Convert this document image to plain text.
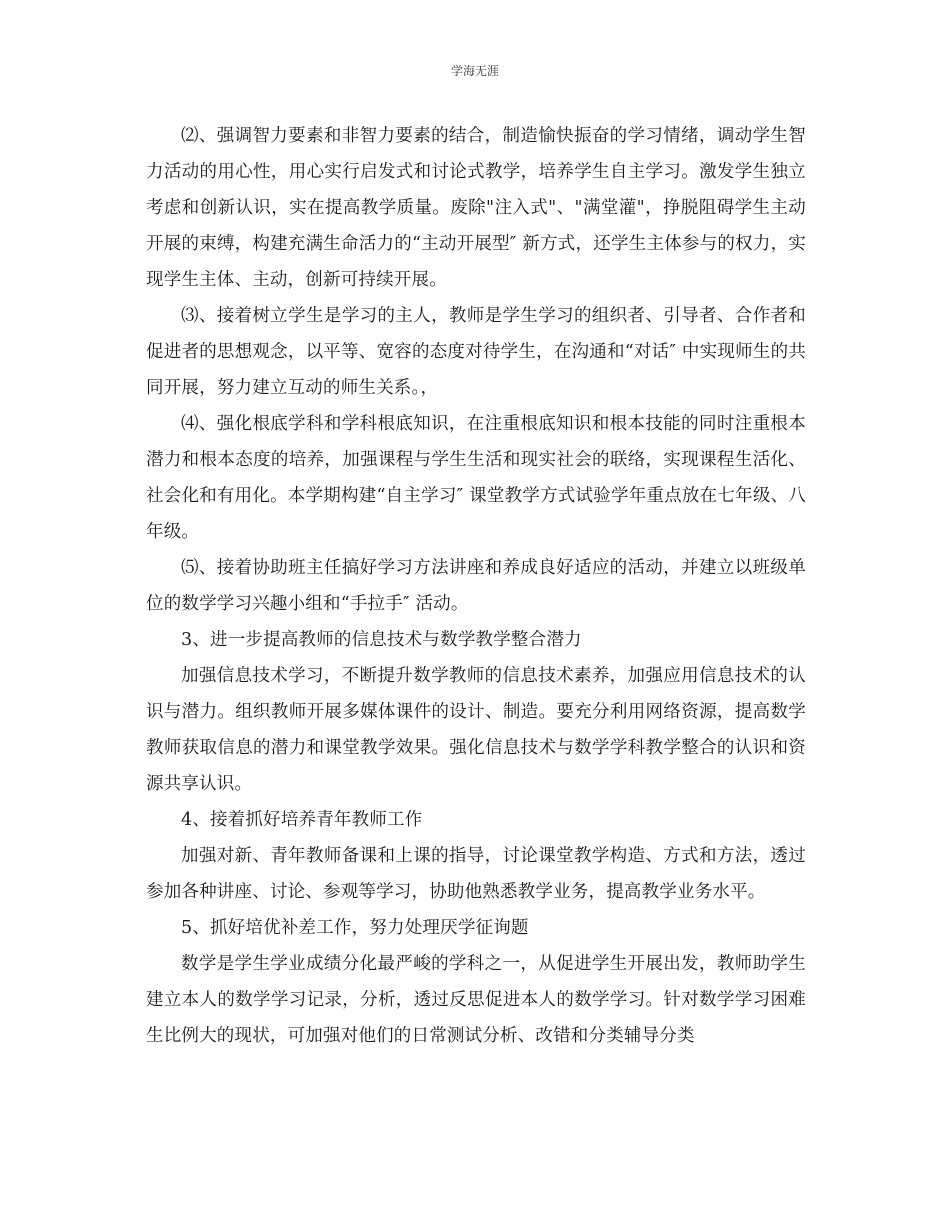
学海无涯

⑵、强调智力要素和非智力要素的结合，制造愉快振奋的学习情绪，调动学生智力活动的用心性，用心实行启发式和讨论式教学，培养学生自主学习。激发学生独立考虑和创新认识，实在提高教学质量。废除"注入式"、"满堂灌"，挣脱阻碍学生主动开展的束缚，构建充满生命活力的“主动开展型″ 新方式，还学生主体参与的权力，实现学生主体、主动，创新可持续开展。

⑶、接着树立学生是学习的主人，教师是学生学习的组织者、引导者、合作者和促进者的思想观念，以平等、宽容的态度对待学生，在沟通和“对话″ 中实现师生的共同开展，努力建立互动的师生关系。，

⑷、强化根底学科和学科根底知识，在注重根底知识和根本技能的同时注重根本潜力和根本态度的培养，加强课程与学生生活和现实社会的联络，实现课程生活化、社会化和有用化。本学期构建“自主学习″ 课堂教学方式试验学年重点放在七年级、八年级。

⑸、接着协助班主任搞好学习方法讲座和养成良好适应的活动，并建立以班级单位的数学学习兴趣小组和“手拉手″ 活动。

3、进一步提高教师的信息技术与数学教学整合潜力

加强信息技术学习，不断提升数学教师的信息技术素养，加强应用信息技术的认识与潜力。组织教师开展多媒体课件的设计、制造。要充分利用网络资源，提高数学教师获取信息的潜力和课堂教学效果。强化信息技术与数学学科教学整合的认识和资源共享认识。

4、接着抓好培养青年教师工作

加强对新、青年教师备课和上课的指导，讨论课堂教学构造、方式和方法，透过参加各种讲座、讨论、参观等学习，协助他熟悉教学业务，提高教学业务水平。

5、抓好培优补差工作，努力处理厌学征询题

数学是学生学业成绩分化最严峻的学科之一，从促进学生开展出发，教师助学生建立本人的数学学习记录，分析，透过反思促进本人的数学学习。针对数学学习困难生比例大的现状，可加强对他们的日常测试分析、改错和分类辅导分类
